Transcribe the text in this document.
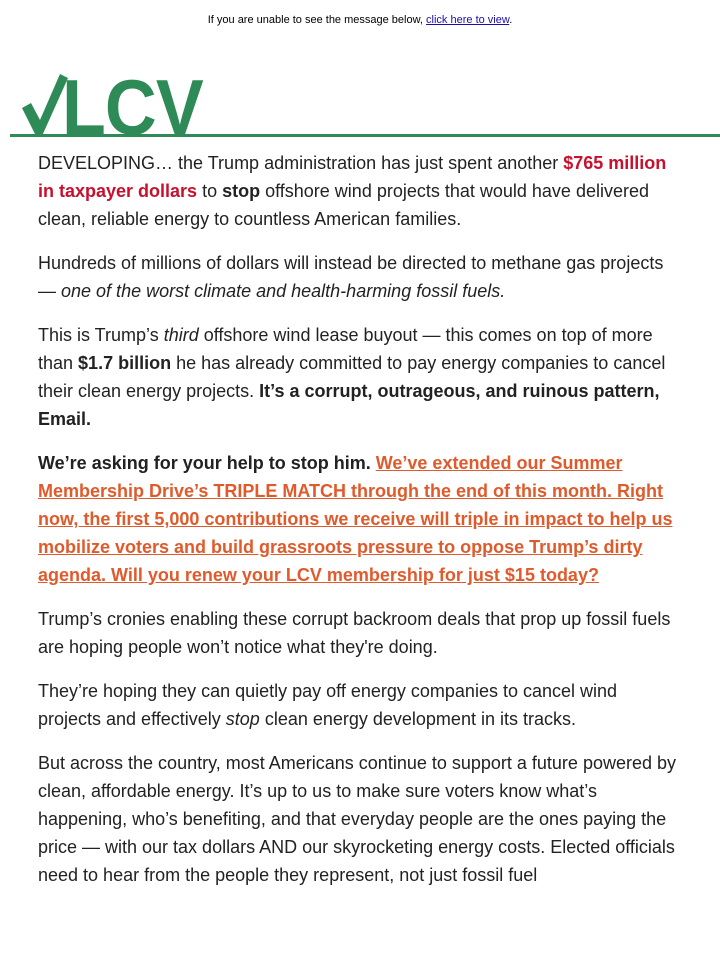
If you are unable to see the message below, click here to view.
LCV

DEVELOPING… the Trump administration has just spent another $765 million in taxpayer dollars to stop offshore wind projects that would have delivered clean, reliable energy to countless American families.

Hundreds of millions of dollars will instead be directed to methane gas projects — one of the worst climate and health-harming fossil fuels.

This is Trump’s third offshore wind lease buyout — this comes on top of more than $1.7 billion he has already committed to pay energy companies to cancel their clean energy projects. It’s a corrupt, outrageous, and ruinous pattern, Email.

We’re asking for your help to stop him. We’ve extended our Summer Membership Drive’s TRIPLE MATCH through the end of this month. Right now, the first 5,000 contributions we receive will triple in impact to help us mobilize voters and build grassroots pressure to oppose Trump’s dirty agenda. Will you renew your LCV membership for just $15 today?

Trump’s cronies enabling these corrupt backroom deals that prop up fossil fuels are hoping people won’t notice what they're doing.

They’re hoping they can quietly pay off energy companies to cancel wind projects and effectively stop clean energy development in its tracks.

But across the country, most Americans continue to support a future powered by clean, affordable energy. It’s up to us to make sure voters know what’s happening, who’s benefiting, and that everyday people are the ones paying the price — with our tax dollars AND our skyrocketing energy costs. Elected officials need to hear from the people they represent, not just fossil fuel
